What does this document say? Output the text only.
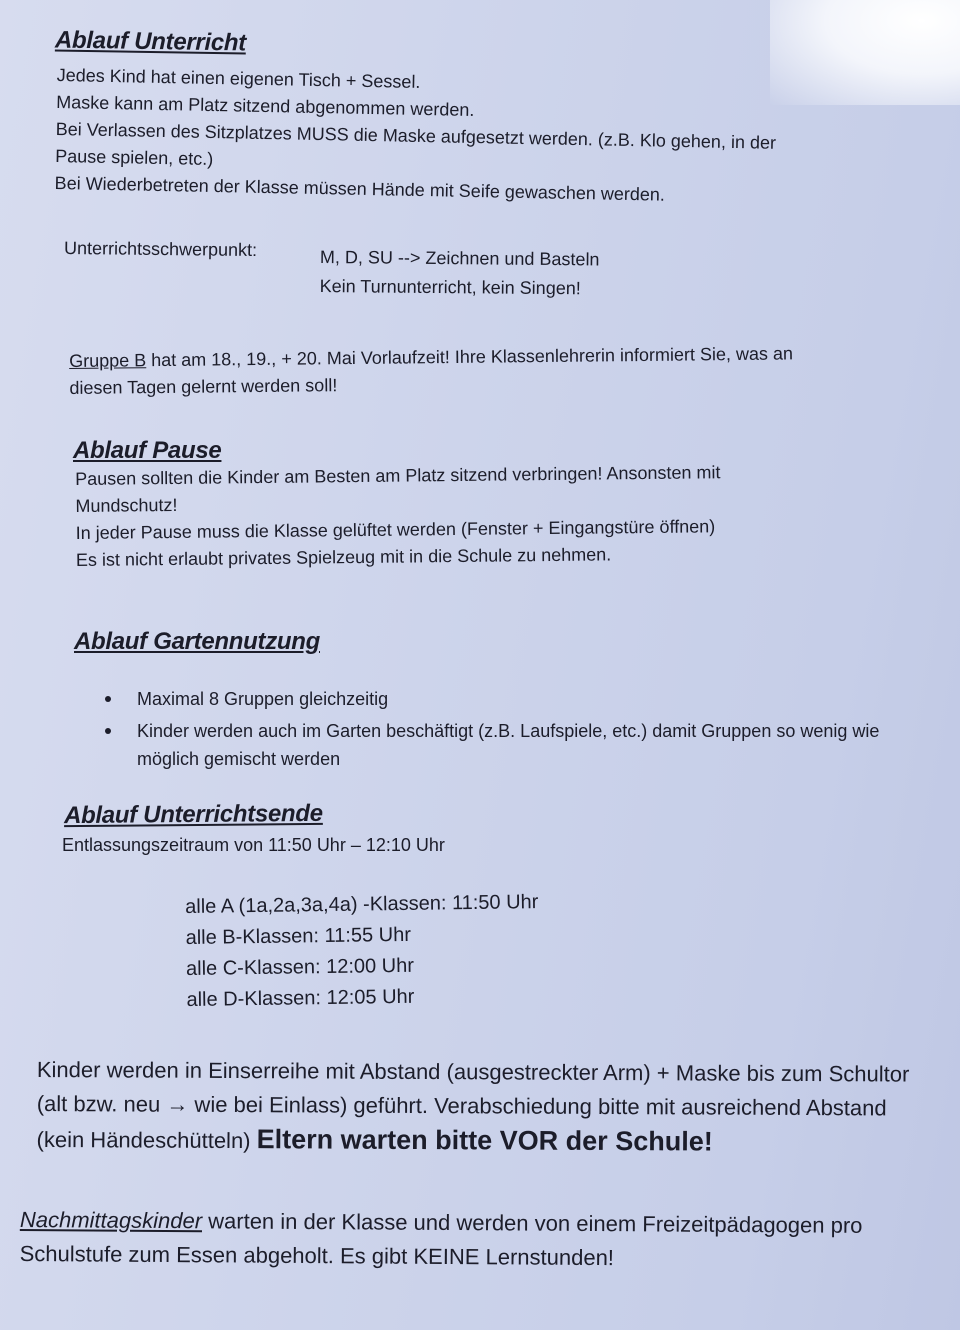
Ablauf Unterricht
Jedes Kind hat einen eigenen Tisch + Sessel.
Maske kann am Platz sitzend abgenommen werden.
Bei Verlassen des Sitzplatzes MUSS die Maske aufgesetzt werden. (z.B. Klo gehen, in der
Pause spielen, etc.)
Bei Wiederbetreten der Klasse müssen Hände mit Seife gewaschen werden.
Unterrichtsschwerpunkt:	M, D, SU --> Zeichnen und Basteln
Kein Turnunterricht, kein Singen!
Gruppe B hat am 18., 19., + 20. Mai Vorlaufzeit! Ihre Klassenlehrerin informiert Sie, was an
diesen Tagen gelernt werden soll!
Ablauf Pause
Pausen sollten die Kinder am Besten am Platz sitzend verbringen! Ansonsten mit
Mundschutz!
In jeder Pause muss die Klasse gelüftet werden (Fenster + Eingangstüre öffnen)
Es ist nicht erlaubt privates Spielzeug mit in die Schule zu nehmen.
Ablauf Gartennutzung
Maximal 8 Gruppen gleichzeitig
Kinder werden auch im Garten beschäftigt (z.B. Laufspiele, etc.) damit Gruppen so wenig wie möglich gemischt werden
Ablauf Unterrichtsende
Entlassungszeitraum von 11:50 Uhr – 12:10 Uhr
alle A (1a,2a,3a,4a) -Klassen: 11:50 Uhr
alle B-Klassen: 11:55 Uhr
alle C-Klassen: 12:00 Uhr
alle D-Klassen: 12:05 Uhr
Kinder werden in Einserreihe mit Abstand (ausgestreckter Arm) + Maske bis zum Schultor
(alt bzw. neu → wie bei Einlass) geführt. Verabschiedung bitte mit ausreichend Abstand
(kein Händeschütteln) Eltern warten bitte VOR der Schule!
Nachmittagskinder warten in der Klasse und werden von einem Freizeitpädagogen pro
Schulstufe zum Essen abgeholt. Es gibt KEINE Lernstunden!
